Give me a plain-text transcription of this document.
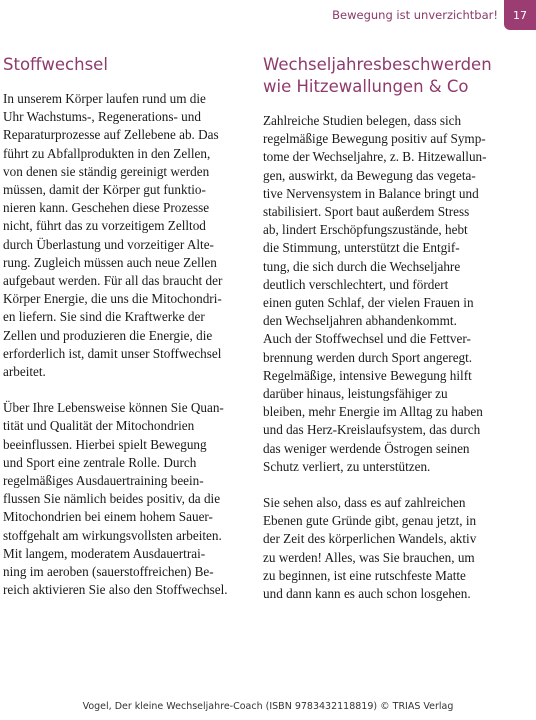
Bewegung ist unverzichtbar! 17
Stoffwechsel

In unserem Körper laufen rund um die
Uhr Wachstums-, Regenerations- und
Reparaturprozesse auf Zellebene ab. Das
führt zu Abfallprodukten in den Zellen,
von denen sie ständig gereinigt werden
müssen, damit der Körper gut funktio-
nieren kann. Geschehen diese Prozesse
nicht, führt das zu vorzeitigem Zelltod
durch Überlastung und vorzeitiger Alte-
rung. Zugleich müssen auch neue Zellen
aufgebaut werden. Für all das braucht der
Körper Energie, die uns die Mitochondri-
en liefern. Sie sind die Kraftwerke der
Zellen und produzieren die Energie, die
erforderlich ist, damit unser Stoffwechsel
arbeitet.

Über Ihre Lebensweise können Sie Quan-
tität und Qualität der Mitochondrien
beeinflussen. Hierbei spielt Bewegung
und Sport eine zentrale Rolle. Durch
regelmäßiges Ausdauertraining beein-
flussen Sie nämlich beides positiv, da die
Mitochondrien bei einem hohem Sauer-
stoffgehalt am wirkungsvollsten arbeiten.
Mit langem, moderatem Ausdauertrai-
ning im aeroben (sauerstoffreichen) Be-
reich aktivieren Sie also den Stoffwechsel.

Wechseljahresbeschwerden
wie Hitzewallungen & Co

Zahlreiche Studien belegen, dass sich
regelmäßige Bewegung positiv auf Symp-
tome der Wechseljahre, z. B. Hitzewallun-
gen, auswirkt, da Bewegung das vegeta-
tive Nervensystem in Balance bringt und
stabilisiert. Sport baut außerdem Stress
ab, lindert Erschöpfungszustände, hebt
die Stimmung, unterstützt die Entgif-
tung, die sich durch die Wechseljahre
deutlich verschlechtert, und fördert
einen guten Schlaf, der vielen Frauen in
den Wechseljahren abhandenkommt.
Auch der Stoffwechsel und die Fettver-
brennung werden durch Sport angeregt.
Regelmäßige, intensive Bewegung hilft
darüber hinaus, leistungsfähiger zu
bleiben, mehr Energie im Alltag zu haben
und das Herz-Kreislaufsystem, das durch
das weniger werdende Östrogen seinen
Schutz verliert, zu unterstützen.

Sie sehen also, dass es auf zahlreichen
Ebenen gute Gründe gibt, genau jetzt, in
der Zeit des körperlichen Wandels, aktiv
zu werden! Alles, was Sie brauchen, um
zu beginnen, ist eine rutschfeste Matte
und dann kann es auch schon losgehen.

Vogel, Der kleine Wechseljahre-Coach (ISBN 9783432118819) © TRIAS Verlag
